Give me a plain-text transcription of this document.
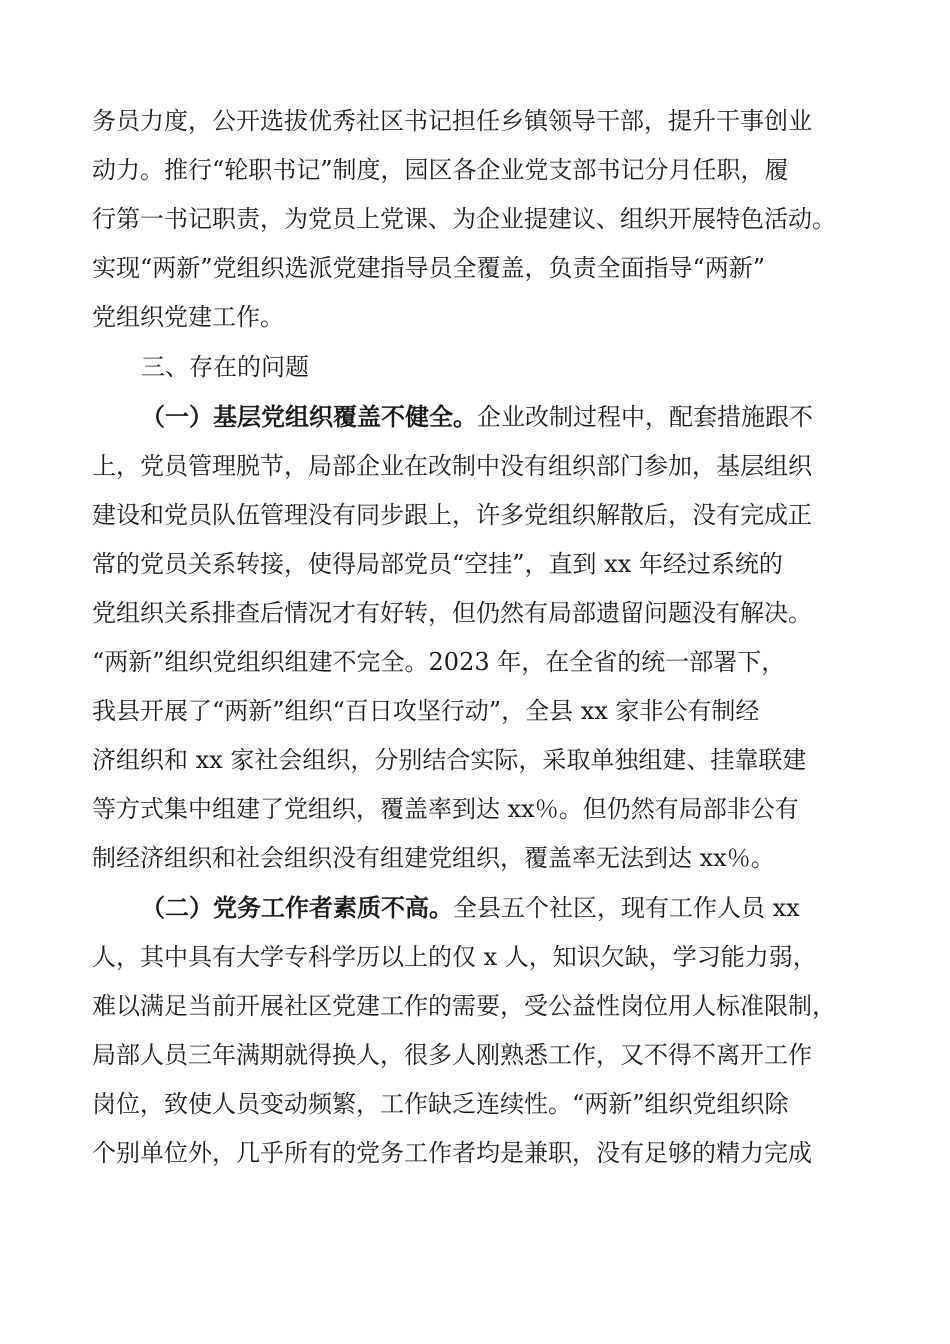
务员力度，公开选拔优秀社区书记担任乡镇领导干部，提升干事创业
动力。推行“轮职书记”制度，园区各企业党支部书记分月任职，履
行第一书记职责，为党员上党课、为企业提建议、组织开展特色活动。
实现“两新”党组织选派党建指导员全覆盖，负责全面指导“两新”
党组织党建工作。
三、存在的问题
（一）基层党组织覆盖不健全。企业改制过程中，配套措施跟不
上，党员管理脱节，局部企业在改制中没有组织部门参加，基层组织
建设和党员队伍管理没有同步跟上，许多党组织解散后，没有完成正
常的党员关系转接，使得局部党员“空挂”，直到 xx 年经过系统的
党组织关系排查后情况才有好转，但仍然有局部遗留问题没有解决。
“两新”组织党组织组建不完全。2023 年，在全省的统一部署下，
我县开展了“两新”组织“百日攻坚行动”，全县 xx 家非公有制经
济组织和 xx 家社会组织，分别结合实际，采取单独组建、挂靠联建
等方式集中组建了党组织，覆盖率到达 xx％。但仍然有局部非公有
制经济组织和社会组织没有组建党组织，覆盖率无法到达 xx％。
（二）党务工作者素质不高。全县五个社区，现有工作人员 xx
人，其中具有大学专科学历以上的仅 x 人，知识欠缺，学习能力弱，
难以满足当前开展社区党建工作的需要，受公益性岗位用人标准限制，
局部人员三年满期就得换人，很多人刚熟悉工作，又不得不离开工作
岗位，致使人员变动频繁，工作缺乏连续性。“两新”组织党组织除
个别单位外，几乎所有的党务工作者均是兼职，没有足够的精力完成
